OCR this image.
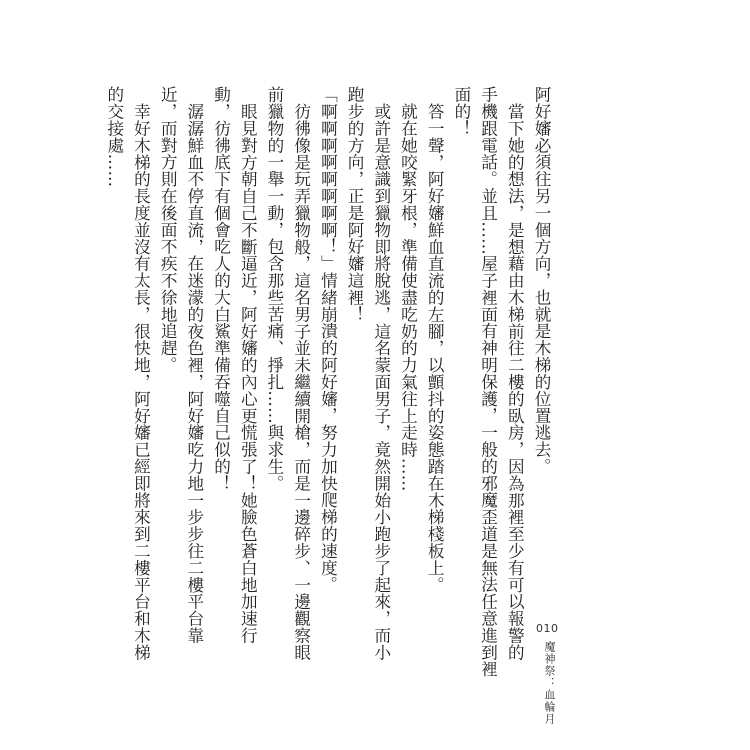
阿好嬸必須往另一個方向，也就是木梯的位置逃去。

當下她的想法，是想藉由木梯前往二樓的臥房，因為那裡至少有可以報警的

手機跟電話。並且……屋子裡面有神明保護，一般的邪魔歪道是無法任意進到裡

面的！

答一聲，阿好嬸鮮血直流的左腳，以顫抖的姿態踏在木梯棧板上。

就在她咬緊牙根，準備使盡吃奶的力氣往上走時……

或許是意識到獵物即將脫逃，這名蒙面男子，竟然開始小跑步了起來，而小

跑步的方向，正是阿好嬸這裡！

「啊啊啊啊啊啊啊啊！」情緒崩潰的阿好嬸，努力加快爬梯的速度。

彷彿像是玩弄獵物般，這名男子並未繼續開槍，而是一邊碎步、一邊觀察眼

前獵物的一舉一動，包含那些苦痛、掙扎……與求生。

眼見對方朝自己不斷逼近，阿好嬸的內心更慌張了！她臉色蒼白地加速行

動，彷彿底下有個會吃人的大白鯊準備吞噬自己似的！

潺潺鮮血不停直流，在迷濛的夜色裡，阿好嬸吃力地一步步往二樓平台靠

近，而對方則在後面不疾不徐地追趕。

幸好木梯的長度並沒有太長，很快地，阿好嬸已經即將來到二樓平台和木梯

的交接處……

010
魔神祭：血輪月
